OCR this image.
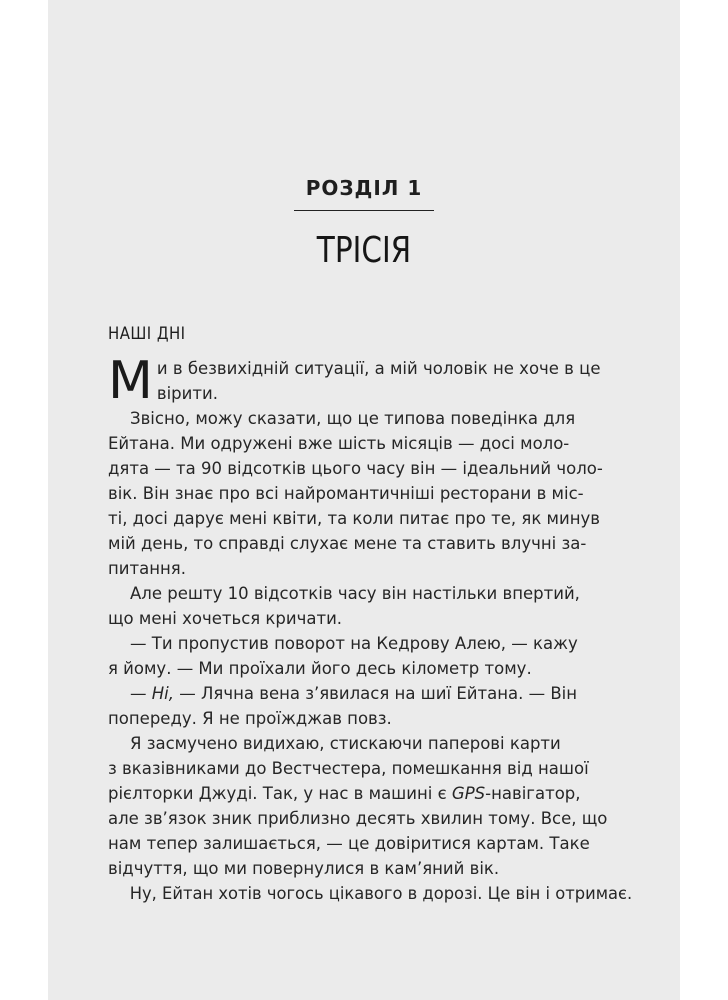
РОЗДІЛ 1
ТРІСІЯ
НАШІ ДНІ
М и в безвихідній ситуації, а мій чоловік не хоче в це
вірити.
Звісно, можу сказати, що це типова поведінка для
Ейтана. Ми одружені вже шість місяців — досі моло-
дята — та 90 відсотків цього часу він — ідеальний чоло-
вік. Він знає про всі найромантичніші ресторани в міс-
ті, досі дарує мені квіти, та коли питає про те, як минув
мій день, то справді слухає мене та ставить влучні за-
питання.
Але решту 10 відсотків часу він настільки впертий,
що мені хочеться кричати.
— Ти пропустив поворот на Кедрову Алею, — кажу
я йому. — Ми проїхали його десь кілометр тому.
— Ні, — Лячна вена з’явилася на шиї Ейтана. — Він
попереду. Я не проїжджав повз.
Я засмучено видихаю, стискаючи паперові карти
з вказівниками до Вестчестера, помешкання від нашої
рієлторки Джуді. Так, у нас в машині є GPS-навігатор,
але зв’язок зник приблизно десять хвилин тому. Все, що
нам тепер залишається, — це довіритися картам. Таке
відчуття, що ми повернулися в кам’яний вік.
Ну, Ейтан хотів чогось цікавого в дорозі. Це він і отримає.
